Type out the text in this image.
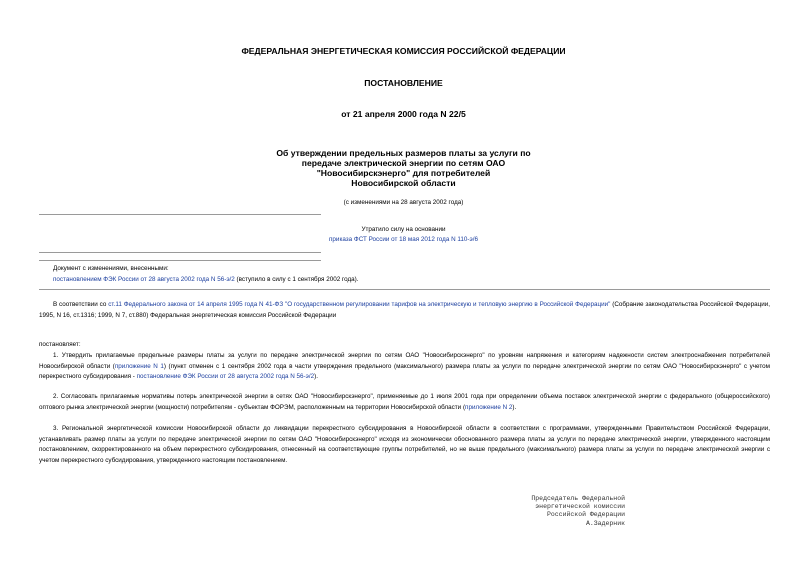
ФЕДЕРАЛЬНАЯ ЭНЕРГЕТИЧЕСКАЯ КОМИССИЯ РОССИЙСКОЙ ФЕДЕРАЦИИ
ПОСТАНОВЛЕНИЕ
от 21 апреля 2000 года N 22/5
Об утверждении предельных размеров платы за услуги по
передаче электрической энергии по сетям ОАО
"Новосибирскэнерго" для потребителей
Новосибирской области
(с изменениями на 28 августа 2002 года)
Утратило силу на основании
приказа ФСТ России от 18 мая 2012 года N 110-э/6
Документ с изменениями, внесенными:
постановлением ФЭК России от 28 августа 2002 года N 56-э/2 (вступило в силу с 1 сентября 2002 года).
В соответствии со ст.11 Федерального закона от 14 апреля 1995 года N 41-ФЗ "О государственном регулировании тарифов на электрическую и тепловую энергию в Российской Федерации" (Собрание законодательства Российской Федерации, 1995, N 16, ст.1316; 1999, N 7, ст.880) Федеральная энергетическая комиссия Российской Федерации
постановляет:
1. Утвердить прилагаемые предельные размеры платы за услуги по передаче электрической энергии по сетям ОАО "Новосибирскэнерго" по уровням напряжения и категориям надежности систем электроснабжения потребителей Новосибирской области (приложение N 1) (пункт отменен с 1 сентября 2002 года в части утверждения предельного (максимального) размера платы за услуги по передаче электрической энергии по сетям ОАО "Новосибирскэнерго" с учетом перекрестного субсидирования - постановление ФЭК России от 28 августа 2002 года N 56-э/2).
2. Согласовать прилагаемые нормативы потерь электрической энергии в сетях ОАО "Новосибирскэнерго", применяемые до 1 июля 2001 года при определении объема поставок электрической энергии с федерального (общероссийского) оптового рынка электрической энергии (мощности) потребителям - субъектам ФОРЭМ, расположенным на территории Новосибирской области (приложение N 2).
3. Региональной энергетической комиссии Новосибирской области до ликвидации перекрестного субсидирования в Новосибирской области в соответствии с программами, утвержденными Правительством Российской Федерации, устанавливать размер платы за услуги по передаче электрической энергии по сетям ОАО "Новосибирскэнерго" исходя из экономически обоснованного размера платы за услуги по передаче электрической энергии, утвержденного настоящим постановлением, скорректированного на объем перекрестного субсидирования, отнесенный на соответствующие группы потребителей, но не выше предельного (максимального) размера платы за услуги по передаче электрической энергии с учетом перекрестного субсидирования, утвержденного настоящим постановлением.
Председатель Федеральной
энергетической комиссии
Российской Федерации
А.Задерник
